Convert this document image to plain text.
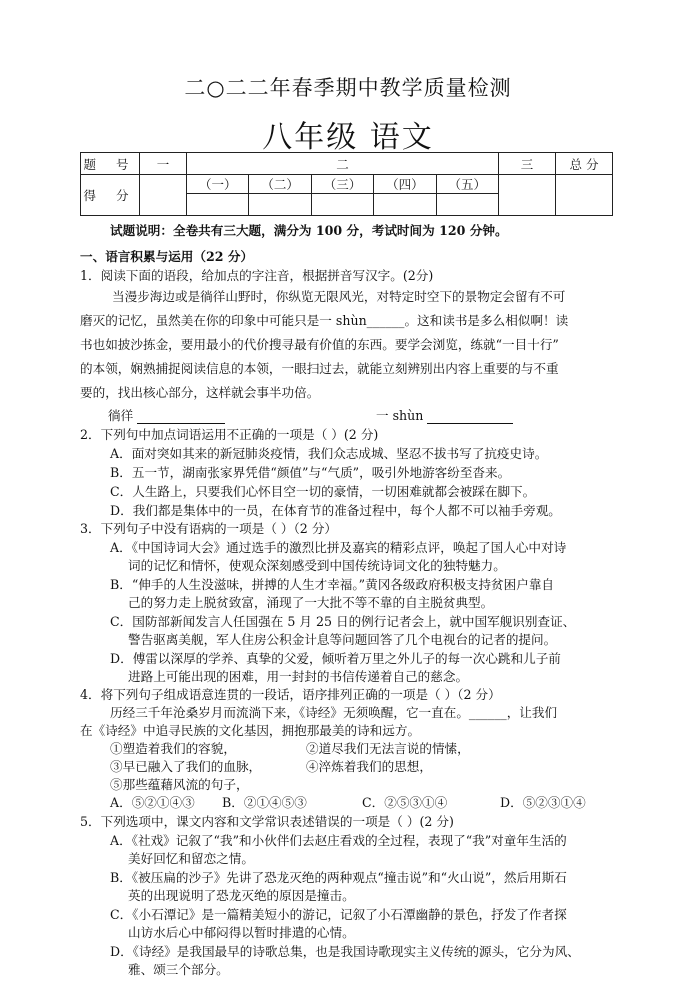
二○二二年春季期中教学质量检测
八年级 语文
题 号	一	二					三	总 分
得 分		（一）	（二）	（三）	（四）	（五）		

试题说明：全卷共有三大题，满分为 100 分，考试时间为 120 分钟。
一、语言积累与运用（22 分）
1．阅读下面的语段，给加点的字注音，根据拼音写汉字。(2分)
当漫步海边或是徜徉山野时，你纵览无限风光，对特定时空下的景物定会留有不可
磨灭的记忆，虽然美在你的印象中可能只是一 shùn______。这和读书是多么相似啊！读
书也如披沙拣金，要用最小的代价搜寻最有价值的东西。要学会浏览，练就“一目十行”
的本领，娴熟捕捉阅读信息的本领，一眼扫过去，就能立刻辨别出内容上重要的与不重
要的，找出核心部分，这样就会事半功倍。
徜徉	一 shùn
2．下列句中加点词语运用不正确的一项是（ ）(2 分)
A．面对突如其来的新冠肺炎疫情，我们众志成城、坚忍不拔书写了抗疫史诗。
B．五一节，湖南张家界凭借“颜值”与“气质”，吸引外地游客纷至沓来。
C．人生路上，只要我们心怀目空一切的豪情，一切困难就都会被踩在脚下。
D．我们都是集体中的一员，在体育节的准备过程中，每个人都不可以袖手旁观。
3．下列句子中没有语病的一项是（ ）（2 分）
A．《中国诗词大会》通过选手的激烈比拼及嘉宾的精彩点评，唤起了国人心中对诗
词的记忆和情怀，使观众深刻感受到中国传统诗词文化的独特魅力。
B．“伸手的人生没滋味，拼搏的人生才幸福。”黄冈各级政府积极支持贫困户靠自
己的努力走上脱贫致富，涌现了一大批不等不靠的自主脱贫典型。
C．国防部新闻发言人任国强在 5 月 25 日的例行记者会上，就中国军舰识别查证、
警告驱离美舰，军人住房公积金计息等问题回答了几个电视台的记者的提问。
D．傅雷以深厚的学养、真挚的父爱，倾听着万里之外儿子的每一次心跳和儿子前
进路上可能出现的困难，用一封封的书信传递着自己的慈念。
4．将下列句子组成语意连贯的一段话，语序排列正确的一项是（ ）（2 分）
历经三千年沧桑岁月而流淌下来，《诗经》无须唤醒，它一直在。______，让我们
在《诗经》中追寻民族的文化基因，拥抱那最美的诗和远方。
①塑造着我们的容貌，	②道尽我们无法言说的情愫，
③早已融入了我们的血脉，	④淬炼着我们的思想，
⑤那些蕴藉风流的句子，
A．⑤②①④③	B．②①④⑤③	C．②⑤③①④	D．⑤②③①④
5．下列选项中，课文内容和文学常识表述错误的一项是（ ）(2 分)
A．《社戏》记叙了“我”和小伙伴们去赵庄看戏的全过程，表现了“我”对童年生活的
美好回忆和留恋之情。
B．《被压扁的沙子》先讲了恐龙灭绝的两种观点“撞击说”和“火山说”，然后用斯石
英的出现说明了恐龙灭绝的原因是撞击。
C．《小石潭记》是一篇精美短小的游记，记叙了小石潭幽静的景色，抒发了作者探
山访水后心中郁闷得以暂时排遣的心情。
D．《诗经》是我国最早的诗歌总集，也是我国诗歌现实主义传统的源头，它分为风、
雅、颂三个部分。
